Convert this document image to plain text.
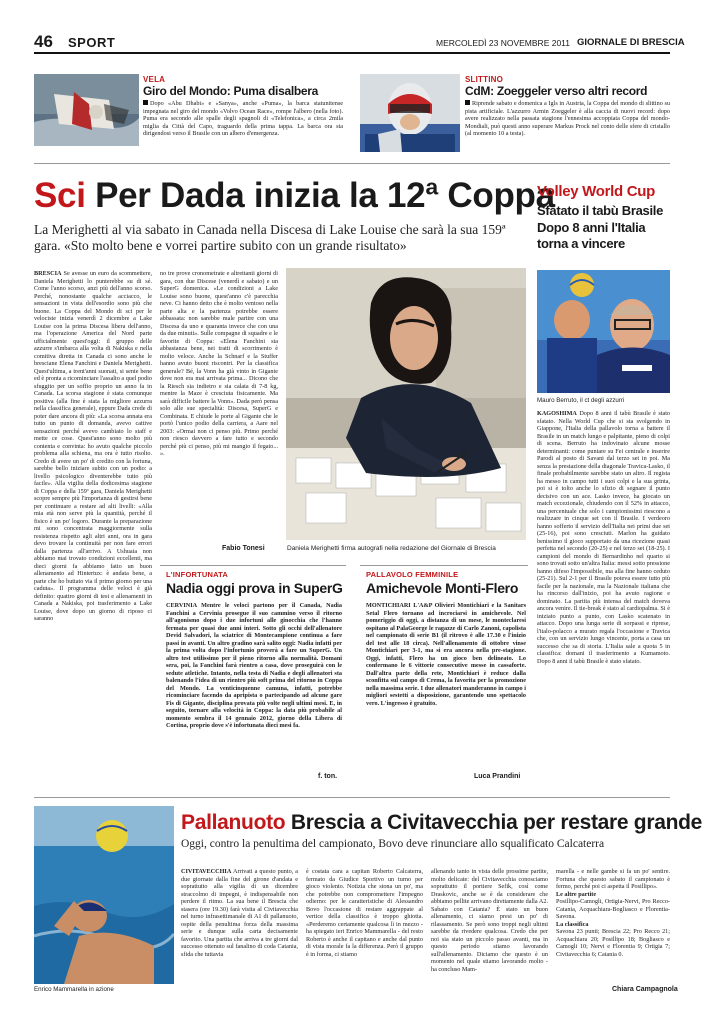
46 SPORT	MERCOLEDÌ 23 NOVEMBRE 2011 GIORNALE DI BRESCIA
VELA
Giro del Mondo: Puma disalbera
Dopo «Abu Dhabi» e «Sanya», anche «Puma», la barca statunitense impegnata nel giro del mondo «Volvo Ocean Race», rompe l'albero (nella foto). Puma era secondo alle spalle degli spagnoli di «Telefonica», a circa 2mila miglia da Città del Capo, traguardo della prima tappa. La barca ora sta dirigendosi verso il Brasile con un albero d'emergenza.
SLITTINO
CdM: Zoeggeler verso altri record
Riprende sabato e domenica a Igls in Austria, la Coppa del mondo di slittino su pista artificiale. L'azzurro Armin Zoeggeler è alla caccia di nuovi record: dopo avere realizzato nella passata stagione l'ennesima accoppiata Coppa del mondo-Mondiali, può questi anno superare Markus Prock nel conto delle sfere di cristallo (al momento 10 a testa).
Sci Per Dada inizia la 12ª Coppa
La Merighetti al via sabato in Canada nella Discesa di Lake Louise che sarà la sua 159ª gara. «Sto molto bene e vorrei partire subito con un grande risultato»
Volley World Cup
Sfatato il tabù Brasile Dopo 8 anni l'Italia torna a vincere
BRESCIA Se avesse un euro da scommettere, Daniela Merighetti lo punterebbe su di sé. Come l'anno scorso, anzi più dell'anno scorso. Perché, nonostante qualche acciacco, le sensazioni in vista dell'esordio sono più che buone. La Coppa del Mondo di sci per le velociste inizia venerdì 2 dicembre a Lake Louise con la prima Discesa libera dell'anno, ma l'operazione America del Nord parte ufficialmente quest'oggi: il gruppo delle azzurre s'imbarca alla volta di Nakiska e nella comitiva diretta in Canada ci sono anche le bresciane Elena Fanchini e Daniela Merighetti. Quest'ultima, a trent'anni suonati, si sente bene ed è pronta a ricominciare l'assalto a quel podio sfuggito per un soffio proprio un anno fa in Canada. La scorsa stagione è stata comunque positiva (alla fine è stata la migliore azzurra nella classifica generale), eppure Dada crede di poter dare ancora di più: «La scorsa annata era tutto un punto di domanda, avevo cattive sensazioni perché avevo cambiato lo staff e mette ce cose. Quest'anno sono molto più contenta e convinta: ho avuto qualche piccolo problema alla schiena, ma ora è tutto risolto. Credo di avere un po' di credito con la fortuna, sarebbe bello iniziare subito con un podio: a livello psicologico diventerebbe tutto più facile». Alla vigilia della dodicesima stagione di Coppa e della 159ª gara, Daniela Merighetti scopre sempre più l'importanza di gestirsi bene per continuare a restare ad alti livelli: «Alla mia età non serve più la quantità, perché il fisico è un po' logoro. Durante la preparazione mi sono concentrata maggiormente sulla resistenza rispetto agli altri anni, ora in gara devo trovare la continuità per non fare errori dalla partenza all'arrivo. A Ushuaia non abbiamo mai trovato condizioni eccellenti, ma dieci giorni fa abbiamo fatto un buon allenamento ad Hintertux: è andata bene, a parte che ho buttato via il primo giorno per una caduta». Il programma delle veloci è già definito: quattro giorni di test e allenamenti in Canada a Nakiska, poi trasferimento a Lake Louise, dove dopo un giorno di riposo ci saranno
no tre prove cronometrate e altrettanti giorni di gara, con due Discese (venerdì e sabato) e un SuperG domenica. «Le condizioni a Lake Louise sono buone, quest'anno c'è parecchia neve. Ci hanno detto che è molto ventoso nella parte alta e la partenza potrebbe essere abbassata: non sarebbe male partire con una Discesa da uno e quaranta invece che con una da due minuti». Sulle compagne di squadre e le favorite di Coppa: «Elena Fanchini sta abbastanza bene, nei tratti di scorrimento è molto veloce. Anche la Schnarf e la Stuffer hanno avuto buoni riscontri. Per la classifica generale? Bé, la Vonn ha già vinto in Gigante dove non era mai arrivata prima... Dicono che la Riesch sia indietro e sia calata di 7-8 kg, mentre la Maze è cresciuta fisicamente. Ma sarà difficile battere la Vonn». Dada però pensa solo alle sue specialità: Discesa, SuperG e Combinata. E chiude le porte al Gigante che le portò l'unico podio della carriera, a Aare nel 2003: «Ormai non ci penso più. Primo perché non riesco davvero a fare tutto e secondo perché più ci penso, più mi mangio il fegato... ».
Fabio Tonesi	Daniela Merighetti firma autografi nella redazione del Giornale di Brescia
Mauro Berruto, il ct degli azzurri
KAGOSHIMA Dopo 8 anni il tabù Brasile è stato sfatato. Nella World Cup che si sta svolgendo in Giappone, l'Italia della pallavolo torna a battere il Brasile in un match lungo e palpitante, pieno di colpi di scena. Berruto ha indovinato alcune mosse determinanti: come puntare su Fei centrale e inserire Parodi al posto di Savani dal terzo set in poi. Ma senza la prestazione della diagonale Travica-Lasko, il finale probabilmente sarebbe stato un altro. Il regista ha messo in campo tutti i suoi colpi e la sua grinta, poi si è tolto anche lo sfizio di segnare il punto decisivo con un ace. Lasko invece, ha giocato un match eccezionale, chiudendo con il 52% in attacco, una percentuale che solo i campionissimi riescono a realizzare in cinque set con il Brasile. I verdeoro hanno sofferto il servizio dell'Italia nei primi due set (25-16), poi sono cresciuti. Marlon ha guidato benissimo il gioco supportato da una ricezione quasi perfetta nel secondo (20-25) e nel terzo set (18-25). I campioni del mondo di Bernardinho nel quarto si sono trovati sotto un'altra Italia: messi sotto pressione hanno difeso l'impossibile, ma alla fine hanno ceduto (25-21). Sul 2-1 per il Brasile poteva essere tutto più facile per la nazionale, ma la Nazionale italiana che ha rincorso dall'inizio, poi ha avuto ragione e dominato. La partita più intensa del match doveva ancora venire. Il tie-break è stato al cardiopalma. Si è iniziato punto a punto, con Lasko scatenato in attacco. Dopo una lunga serie di sorpassi e riprese, l'italo-polacco a murato regala l'occasione e Travica che, con un servizio lungo vincente, porta a casa un successo che sa di storia. L'Italia sale a quota 5 in classifica: domani il trasferimento a Kumamoto. Dopo 8 anni il tabù Brasile è stato sfatato.
L'INFORTUNATA
Nadia oggi prova in SuperG
CERVINIA Mentre le veloci partono per il Canada, Nadia Fanchini a Cervinia prosegue il suo cammino verso il ritorno all'agonismo dopo i due infortuni alle ginocchia che l'hanno fermata per quasi due anni interi. Sotto gli occhi dell'allenatore Devid Salvadori, la sciatrice di Montecampione continua a fare passi in avanti. Un altro gradino sarà salito oggi: Nadia infatti per la prima volta dopo l'infortunio proverà a fare un SuperG. Un altro test utilissimo per il pieno ritorno alla normalità. Domani sera, poi, la Fanchini farà rientro a casa, dove proseguirà con le sedute atletiche. Intanto, nella testa di Nadia e degli allenatori sta balenando l'idea di un rientro più soft prima del ritorno in Coppa del Mondo. La venticinquenne camuna, infatti, potrebbe ricominciare facendo da apripista o partecipando ad alcune gare Fis di Gigante, disciplina provata più volte negli ultimi mesi. E, in seguito, tornare alla velocità in Coppa: la data più probabile al momento sembra il 14 gennaio 2012, giorno della Libera di Cortina, proprio dove s'è infortunata dieci mesi fa.
f. ton.
PALLAVOLO FEMMINILE
Amichevole Monti-Flero
MONTICHIARI L'A&P Olivieri Montichiari e la Sanitars Setal Flero tornano ad incrociarsi in amichevole. Nel pomeriggio di oggi, a distanza di un mese, le monteclaresi ospitano al PalaGeorge le ragazze di Carlo Zanoni, capolista nel campionato di serie B1 (il ritrovo è alle 17.30 e l'inizio del test alle 18 circa). Nell'allenamento di ottobre vinse Montichiari per 3-1, ma si era ancora nella pre-stagione. Oggi, infatti, Flero ha un gioco ben delineato. Lo confermano le 6 vittorie consecutive messe in cassaforte. Dall'altra parte della rete, Montichiari è reduce dalla sconfitta sul campo di Crema, la favorita per la promozione nella massima serie. I due allenatori manderanno in campo i migliori sestetti a disposizione, garantendo uno spettacolo vero. L'ingresso è gratuito.
Luca Prandini
Enrico Mammarella in azione
Pallanuoto Brescia a Civitavecchia per restare grande
Oggi, contro la penultima del campionato, Bovo deve rinunciare allo squalificato Calcaterra
CIVITAVECCHIA Arrivati a questo punto, a due giornate dalla fine del girone d'andata e soprattutto alla vigilia di un dicembre straccolmo di impegni, è indispensabile non perdere il ritmo. La sua bene il Brescia che stasera (ore 19.30) farà visita al Civitavecchia nel turno infrasettimanale di A1 di pallanuoto, ospite della penultima forza della massima serie e dunque sulla carta decisamente favorito. Una partita che arriva a tre giorni dal successo ottenuto sul fanalino di coda Catania, sfida che tuttavia
è costata cara a capitan Roberto Calcaterra, fermato da Giudice Sportivo un turno per gioco violento. Notizia che stona un po', ma che potrebbe non compromettere l'impegno odierno: per le caratteristiche di Alessandro Bovo l'occasione di restare aggrappate al vertice della classifica è troppo ghiotta. «Perderemo certamente qualcosa lì in mezzo - ha spiegato ieri Enrico Mammarella - del resto Roberto è anche il capitano e anche dal punto di vista morale fa la differenza. Però il gruppo è in forma, ci stiamo
allenando tanto in vista delle prossime partite, molto delicate: del Civitavecchia conosciamo soprattutto il portiere Sefik, così come Draskovic, anche se è da considerare che abbiamo pellite arrivano direttamente dalla A2. Sabato con Catania? È stato un buon allenamento, ci siamo presi un po' di rilassamento. Se però sono troppi negli ultimi sarebbe da rivedere qualcosa. Credo che per noi sia stato un piccolo passo avanti, ma in questo periodo stiamo lavorando sull'allenamento. Diciamo che questo è un momento nel quale stiamo lavorando molto - ha concluso Mam-
marella - e nelle gambe si fa un po' sentire. Fortuna che questo sabato il campionato è fermo, perché poi ci aspetta il Posillipo».
Le altre partite
Posillipo-Camogli, Ortigia-Nervi, Pro Recco-Catania, Acquachiara-Bogliasco e Florentia-Savona.
La classifica
Savona 23 punti; Brescia 22; Pro Recco 21; Acquachiara 20; Posillipo 18; Bogliasco e Camogli 10; Nervi e Florentia 9; Ortigia 7; Civitavecchia 6; Catania 0.
Chiara Campagnola
